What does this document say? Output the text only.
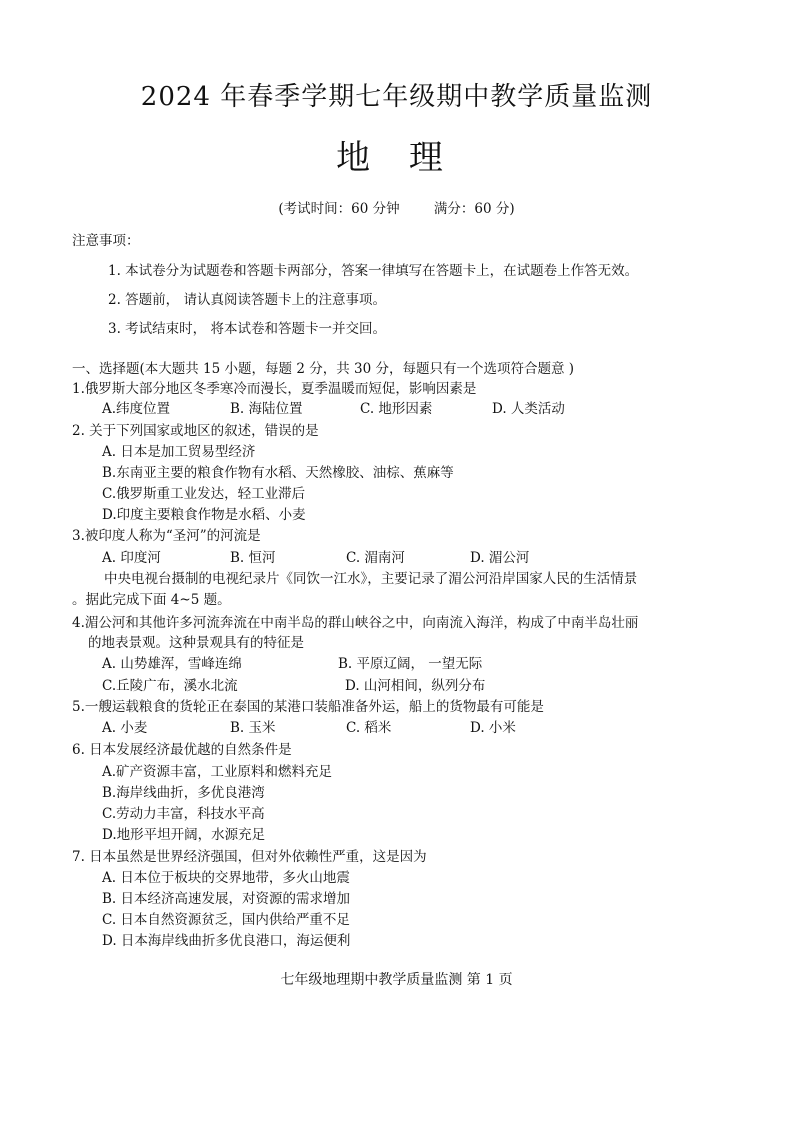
2024 年春季学期七年级期中教学质量监测
地 理
(考试时间：60 分钟        满分：60 分)
注意事项：
1. 本试卷分为试题卷和答题卡两部分，答案一律填写在答题卡上，在试题卷上作答无效。
2. 答题前， 请认真阅读答题卡上的注意事项。
3. 考试结束时， 将本试卷和答题卡一并交回。
一、选择题(本大题共 15 小题，每题 2 分，共 30 分，每题只有一个选项符合题意 )
1.俄罗斯大部分地区冬季寒冷而漫长，夏季温暖而短促，影响因素是
A.纬度位置	B. 海陆位置	C. 地形因素	D. 人类活动
2. 关于下列国家或地区的叙述，错误的是
A. 日本是加工贸易型经济
B.东南亚主要的粮食作物有水稻、天然橡胶、油棕、蕉麻等
C.俄罗斯重工业发达，轻工业滞后
D.印度主要粮食作物是水稻、小麦
3.被印度人称为“圣河”的河流是
A. 印度河	B. 恒河	C. 湄南河	D. 湄公河
中央电视台摄制的电视纪录片《同饮一江水》，主要记录了湄公河沿岸国家人民的生活情景
。据此完成下面 4~5 题。
4.湄公河和其他许多河流奔流在中南半岛的群山峡谷之中，向南流入海洋，构成了中南半岛壮丽
的地表景观。这种景观具有的特征是
A. 山势雄浑，雪峰连绵	B. 平原辽阔， 一望无际
C.丘陵广布，溪水北流	D. 山河相间，纵列分布
5.一艘运载粮食的货轮正在泰国的某港口装船准备外运，船上的货物最有可能是
A. 小麦	B. 玉米	C. 稻米	D. 小米
6. 日本发展经济最优越的自然条件是
A.矿产资源丰富，工业原料和燃料充足
B.海岸线曲折，多优良港湾
C.劳动力丰富，科技水平高
D.地形平坦开阔，水源充足
7. 日本虽然是世界经济强国，但对外依赖性严重，这是因为
A. 日本位于板块的交界地带，多火山地震
B. 日本经济高速发展，对资源的需求增加
C. 日本自然资源贫乏，国内供给严重不足
D. 日本海岸线曲折多优良港口，海运便利
七年级地理期中教学质量监测 第 1 页
